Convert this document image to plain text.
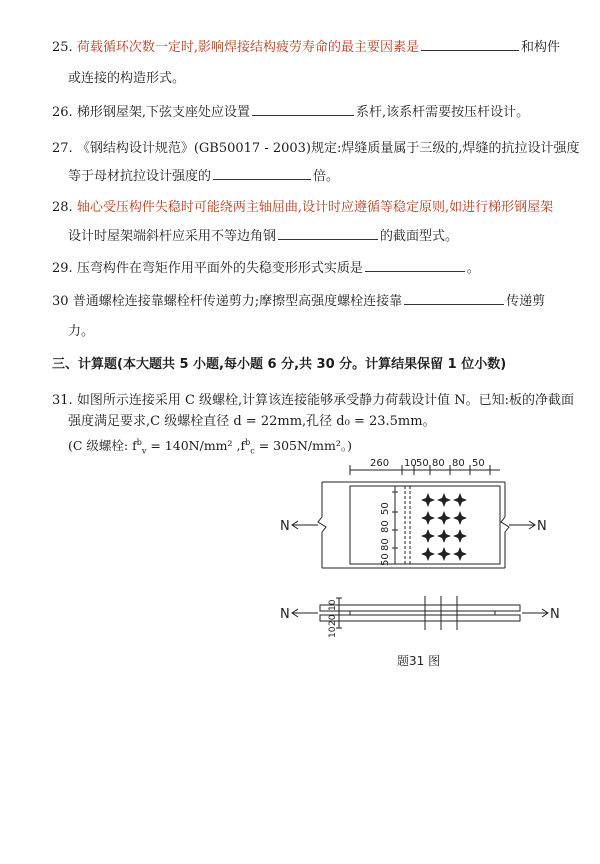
25. 荷载循环次数一定时,影响焊接结构疲劳寿命的最主要因素是	和构件
或连接的构造形式。
26. 梯形钢屋架,下弦支座处应设置	系杆,该系杆需要按压杆设计。
27. 《钢结构设计规范》(GB50017 - 2003)规定:焊缝质量属于三级的,焊缝的抗拉设计强度
等于母材抗拉设计强度的	倍。
28. 轴心受压构件失稳时可能绕两主轴屈曲,设计时应遵循等稳定原则,如进行梯形钢屋架
设计时屋架端斜杆应采用不等边角钢	的截面型式。
29. 压弯构件在弯矩作用平面外的失稳变形形式实质是	。
30 普通螺栓连接靠螺栓杆传递剪力;摩擦型高强度螺栓连接靠	传递剪
力。
三、计算题(本大题共 5 小题,每小题 6 分,共 30 分。计算结果保留 1 位小数)
31. 如图所示连接采用 C 级螺栓,计算该连接能够承受静力荷载设计值 N。已知:板的净截面
强度满足要求,C 级螺栓直径 d = 22mm,孔径 d₀ = 23.5mm。
(C 级螺栓: $f^b_v = 140N/mm^2$ $,f^b_c = 305N/mm^2$。)
260 10 50 80 80 50
50
80
80
50
N	N
10
20
10
N	N
题31 图
